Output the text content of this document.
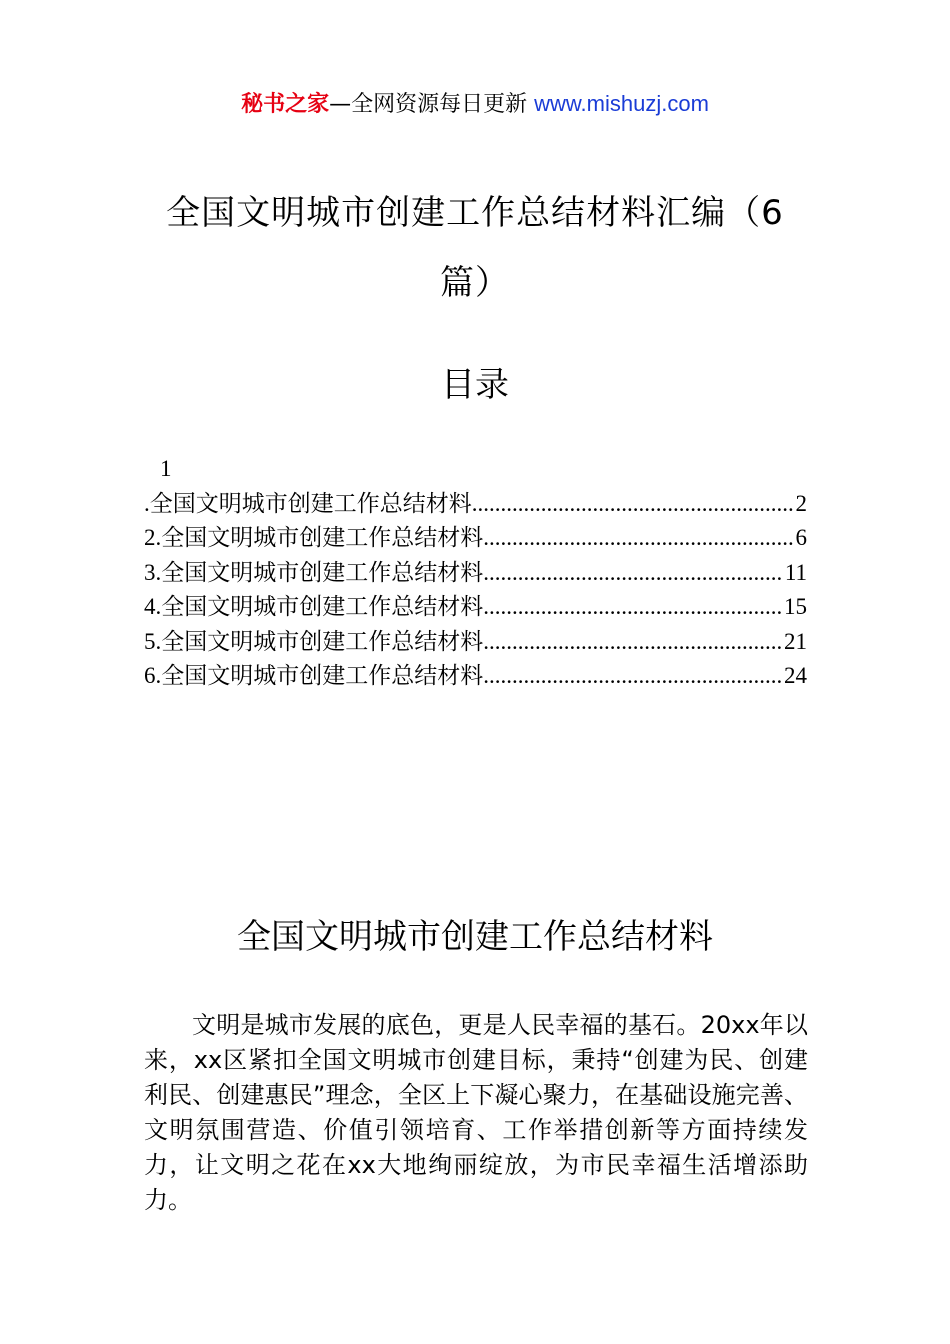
秘书之家—全网资源每日更新 www.mishuzj.com
全国文明城市创建工作总结材料汇编（6篇）
目录
1
. 全国文明城市创建工作总结材料 .....	2
2. 全国文明城市创建工作总结材料 .....	6
3. 全国文明城市创建工作总结材料 .....	11
4. 全国文明城市创建工作总结材料 .....	15
5. 全国文明城市创建工作总结材料 .....	21
6. 全国文明城市创建工作总结材料 .....	24
全国文明城市创建工作总结材料

文明是城市发展的底色，更是人民幸福的基石。20xx年以来，xx区紧扣全国文明城市创建目标，秉持“创建为民、创建利民、创建惠民”理念，全区上下凝心聚力，在基础设施完善、文明氛围营造、价值引领培育、工作举措创新等方面持续发力，让文明之花在xx大地绚丽绽放，为市民幸福生活增添助力。
